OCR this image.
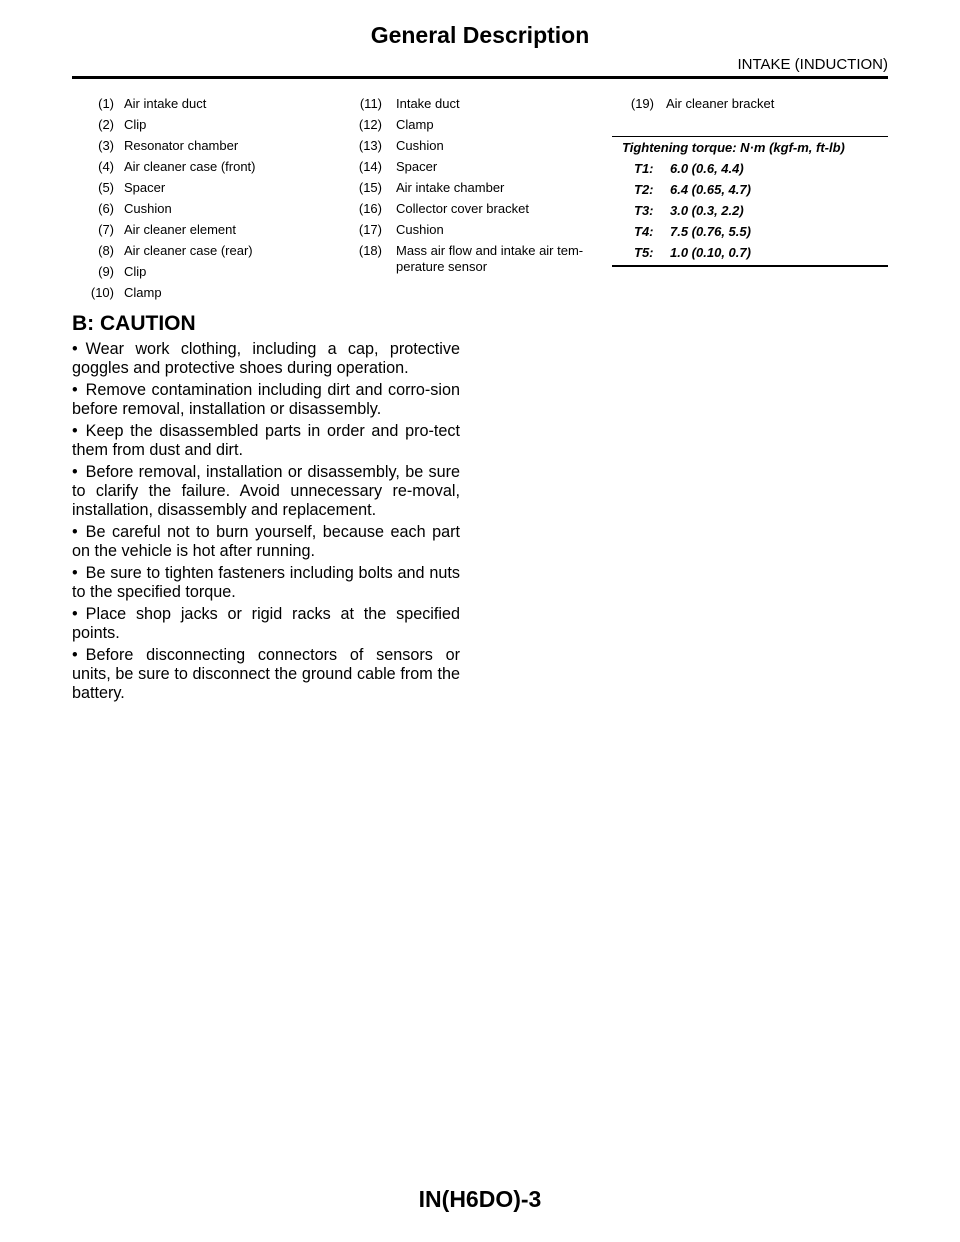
General Description
INTAKE (INDUCTION)
(1) Air intake duct
(2) Clip
(3) Resonator chamber
(4) Air cleaner case (front)
(5) Spacer
(6) Cushion
(7) Air cleaner element
(8) Air cleaner case (rear)
(9) Clip
(10) Clamp
(11) Intake duct
(12) Clamp
(13) Cushion
(14) Spacer
(15) Air intake chamber
(16) Collector cover bracket
(17) Cushion
(18) Mass air flow and intake air tem-perature sensor
(19) Air cleaner bracket
Tightening torque: N·m (kgf-m, ft-lb)
T1: 6.0 (0.6, 4.4)
T2: 6.4 (0.65, 4.7)
T3: 3.0 (0.3, 2.2)
T4: 7.5 (0.76, 5.5)
T5: 1.0 (0.10, 0.7)
B: CAUTION
• Wear work clothing, including a cap, protective goggles and protective shoes during operation.
• Remove contamination including dirt and corro-sion before removal, installation or disassembly.
• Keep the disassembled parts in order and pro-tect them from dust and dirt.
• Before removal, installation or disassembly, be sure to clarify the failure. Avoid unnecessary re-moval, installation, disassembly and replacement.
• Be careful not to burn yourself, because each part on the vehicle is hot after running.
• Be sure to tighten fasteners including bolts and nuts to the specified torque.
• Place shop jacks or rigid racks at the specified points.
• Before disconnecting connectors of sensors or units, be sure to disconnect the ground cable from the battery.
IN(H6DO)-3
